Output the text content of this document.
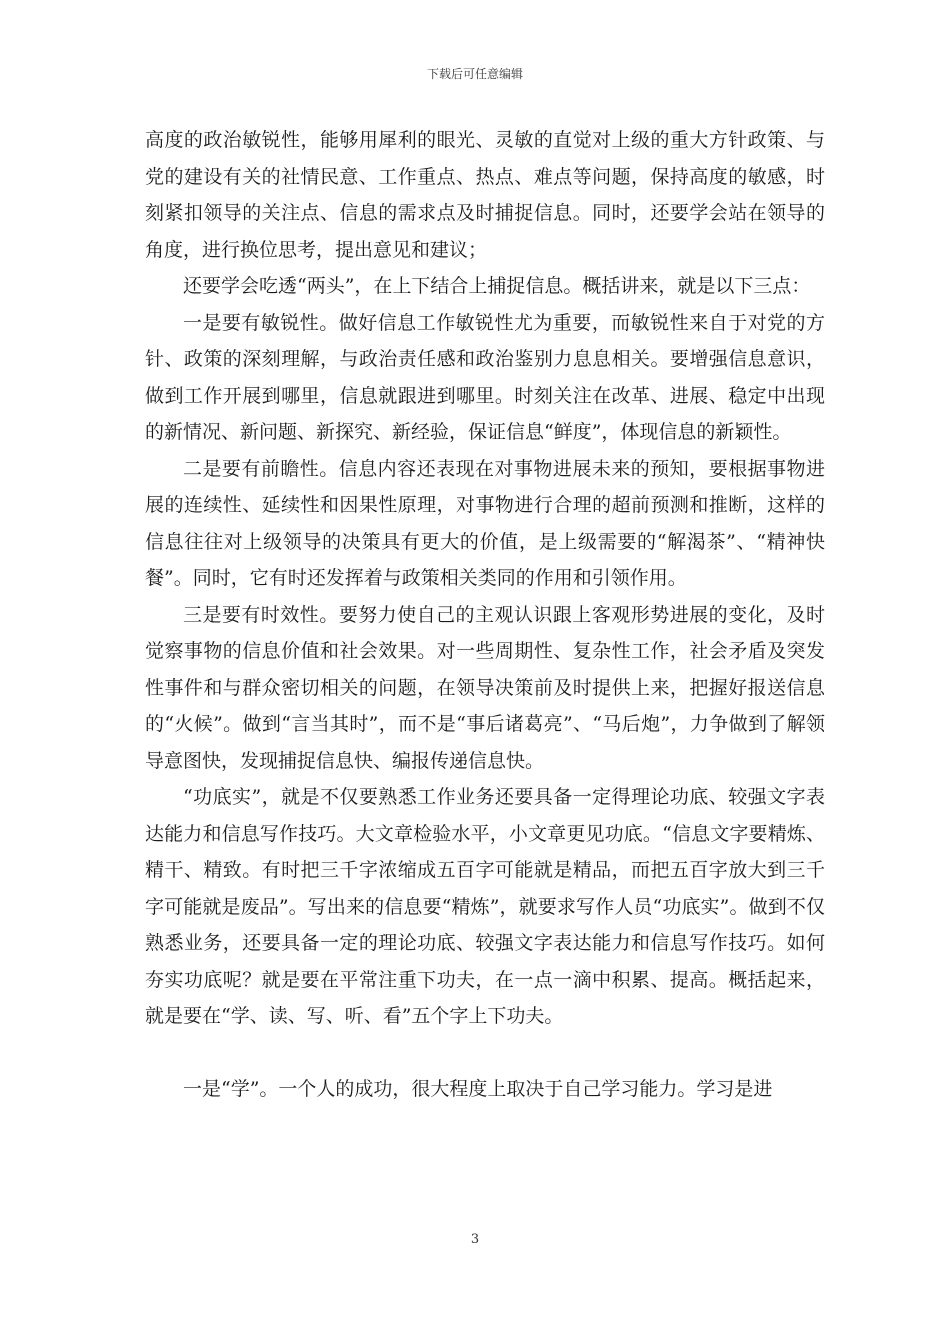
下载后可任意编辑

高度的政治敏锐性，能够用犀利的眼光、灵敏的直觉对上级的重大方针政策、与党的建设有关的社情民意、工作重点、热点、难点等问题，保持高度的敏感，时刻紧扣领导的关注点、信息的需求点及时捕捉信息。同时，还要学会站在领导的角度，进行换位思考，提出意见和建议；

还要学会吃透“两头”，在上下结合上捕捉信息。概括讲来，就是以下三点：

一是要有敏锐性。做好信息工作敏锐性尤为重要，而敏锐性来自于对党的方针、政策的深刻理解，与政治责任感和政治鉴别力息息相关。要增强信息意识，做到工作开展到哪里，信息就跟进到哪里。时刻关注在改革、进展、稳定中出现的新情况、新问题、新探究、新经验，保证信息“鲜度”，体现信息的新颖性。

二是要有前瞻性。信息内容还表现在对事物进展未来的预知，要根据事物进展的连续性、延续性和因果性原理，对事物进行合理的超前预测和推断，这样的信息往往对上级领导的决策具有更大的价值，是上级需要的“解渴茶”、“精神快餐”。同时，它有时还发挥着与政策相关类同的作用和引领作用。

三是要有时效性。要努力使自己的主观认识跟上客观形势进展的变化，及时觉察事物的信息价值和社会效果。对一些周期性、复杂性工作，社会矛盾及突发性事件和与群众密切相关的问题，在领导决策前及时提供上来，把握好报送信息的“火候”。做到“言当其时”，而不是“事后诸葛亮”、“马后炮”，力争做到了解领导意图快，发现捕捉信息快、编报传递信息快。

“功底实”，就是不仅要熟悉工作业务还要具备一定得理论功底、较强文字表达能力和信息写作技巧。大文章检验水平，小文章更见功底。“信息文字要精炼、精干、精致。有时把三千字浓缩成五百字可能就是精品，而把五百字放大到三千字可能就是废品”。写出来的信息要“精炼”，就要求写作人员“功底实”。做到不仅熟悉业务，还要具备一定的理论功底、较强文字表达能力和信息写作技巧。如何夯实功底呢？就是要在平常注重下功夫，在一点一滴中积累、提高。概括起来，就是要在“学、读、写、听、看”五个字上下功夫。

一是“学”。一个人的成功，很大程度上取决于自己学习能力。学习是进

3
